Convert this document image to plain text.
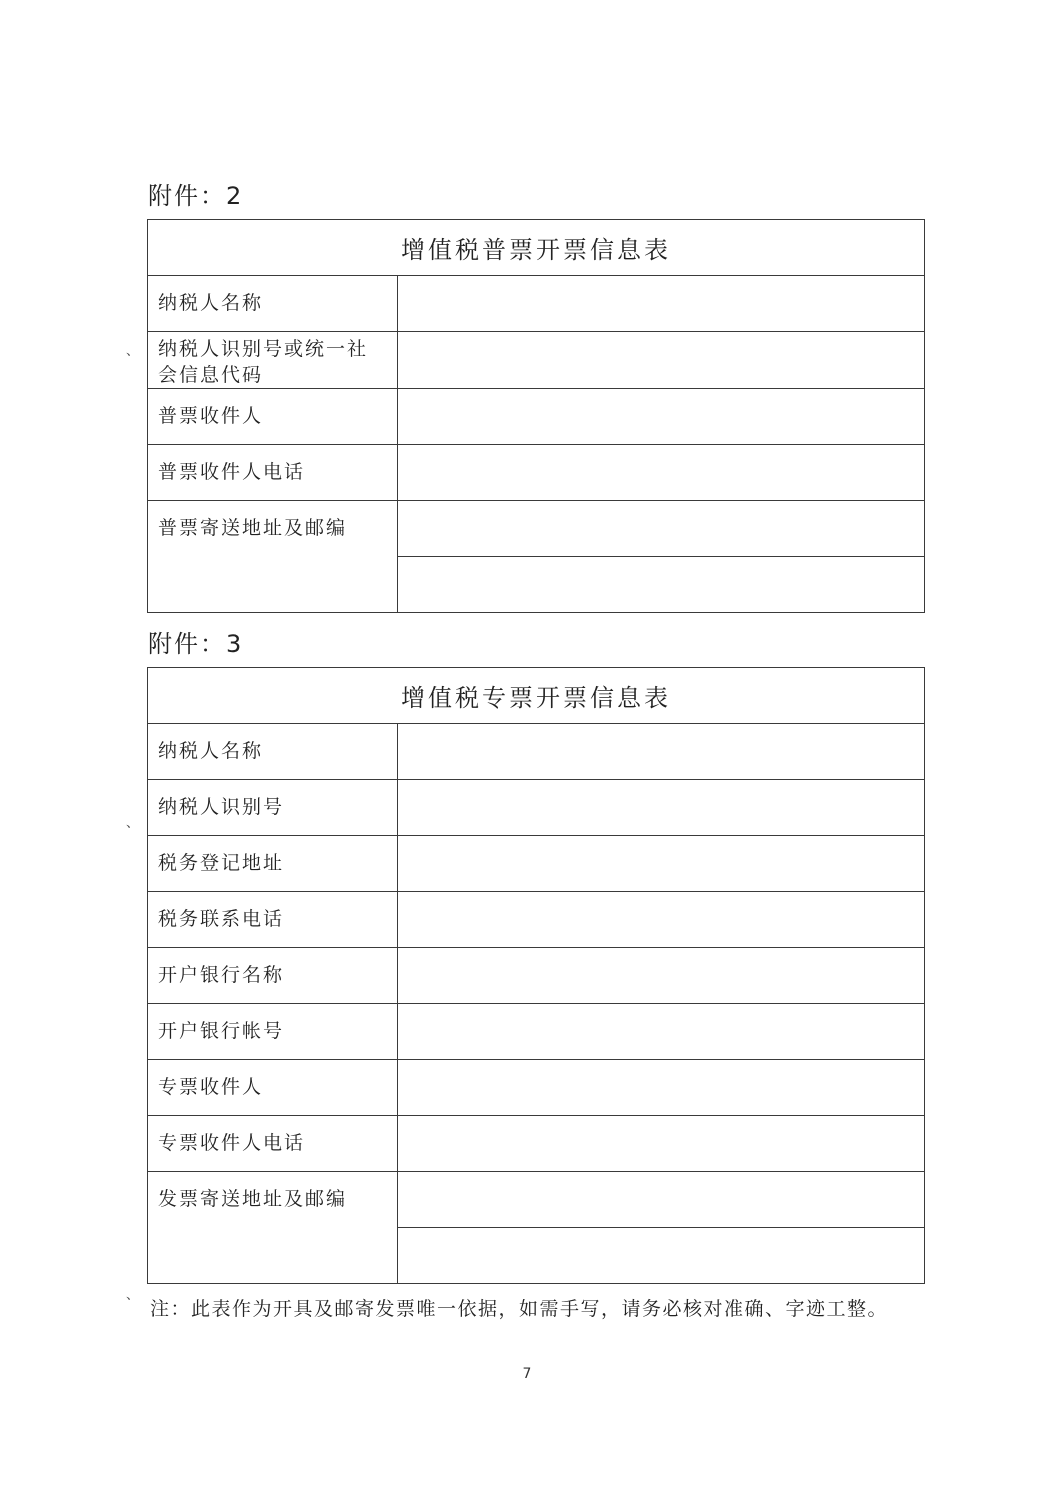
附件：2
增值税普票开票信息表	
纳税人名称	
纳税人识别号或统一社会信息代码	
普票收件人	
普票收件人电话	
普票寄送地址及邮编	

附件：3
增值税专票开票信息表	
纳税人名称	
纳税人识别号	
税务登记地址	
税务联系电话	
开户银行名称	
开户银行帐号	
专票收件人	
专票收件人电话	
发票寄送地址及邮编	

、
、
、
注：此表作为开具及邮寄发票唯一依据，如需手写，请务必核对准确、字迹工整。
7
